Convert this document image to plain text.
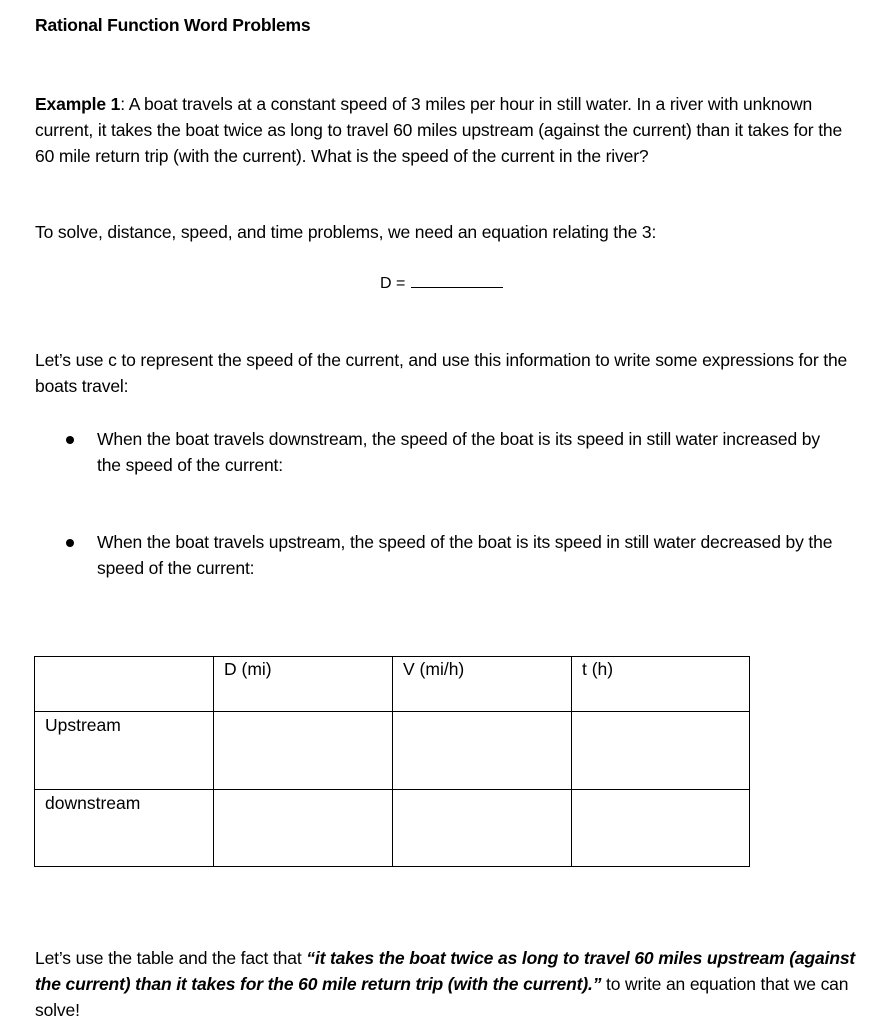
Rational Function Word Problems
Example 1: A boat travels at a constant speed of 3 miles per hour in still water. In a river with unknown current, it takes the boat twice as long to travel 60 miles upstream (against the current) than it takes for the 60 mile return trip (with the current). What is the speed of the current in the river?
To solve, distance, speed, and time problems, we need an equation relating the 3:
D =
Let’s use c to represent the speed of the current, and use this information to write some expressions for the boats travel:
When the boat travels downstream, the speed of the boat is its speed in still water increased by the speed of the current:
When the boat travels upstream, the speed of the boat is its speed in still water decreased by the speed of the current:
	D (mi)	V (mi/h)	t (h)
Upstream			
downstream			
Let’s use the table and the fact that “it takes the boat twice as long to travel 60 miles upstream (against the current) than it takes for the 60 mile return trip (with the current).” to write an equation that we can solve!
